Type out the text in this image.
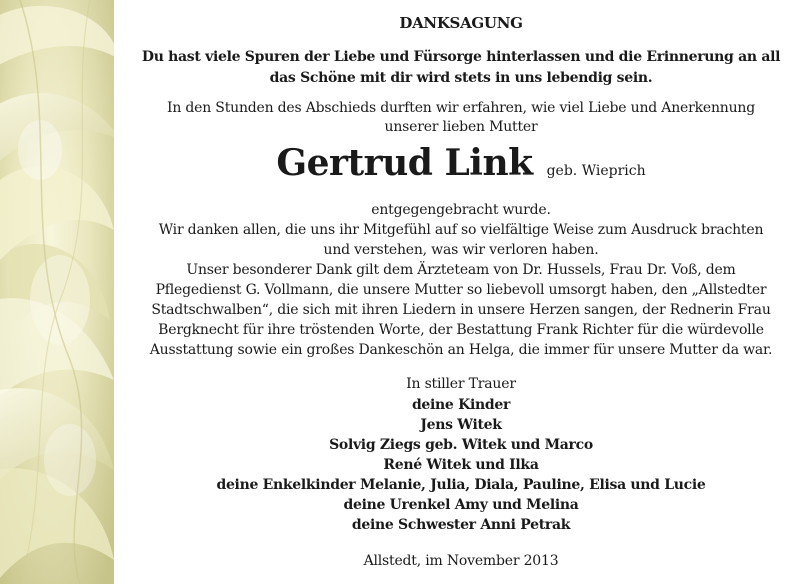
DANKSAGUNG
Du hast viele Spuren der Liebe und Fürsorge hinterlassen und die Erinnerung an all
das Schöne mit dir wird stets in uns lebendig sein.
In den Stunden des Abschieds durften wir erfahren, wie viel Liebe und Anerkennung
unserer lieben Mutter
Gertrud Link geb. Wieprich
entgegengebracht wurde.
Wir danken allen, die uns ihr Mitgefühl auf so vielfältige Weise zum Ausdruck brachten
und verstehen, was wir verloren haben.
Unser besonderer Dank gilt dem Ärzteteam von Dr. Hussels, Frau Dr. Voß, dem
Pflegedienst G. Vollmann, die unsere Mutter so liebevoll umsorgt haben, den „Allstedter
Stadtschwalben“, die sich mit ihren Liedern in unsere Herzen sangen, der Rednerin Frau
Bergknecht für ihre tröstenden Worte, der Bestattung Frank Richter für die würdevolle
Ausstattung sowie ein großes Dankeschön an Helga, die immer für unsere Mutter da war.
In stiller Trauer
deine Kinder
Jens Witek
Solvig Ziegs geb. Witek und Marco
René Witek und Ilka
deine Enkelkinder Melanie, Julia, Diala, Pauline, Elisa und Lucie
deine Urenkel Amy und Melina
deine Schwester Anni Petrak
Allstedt, im November 2013
